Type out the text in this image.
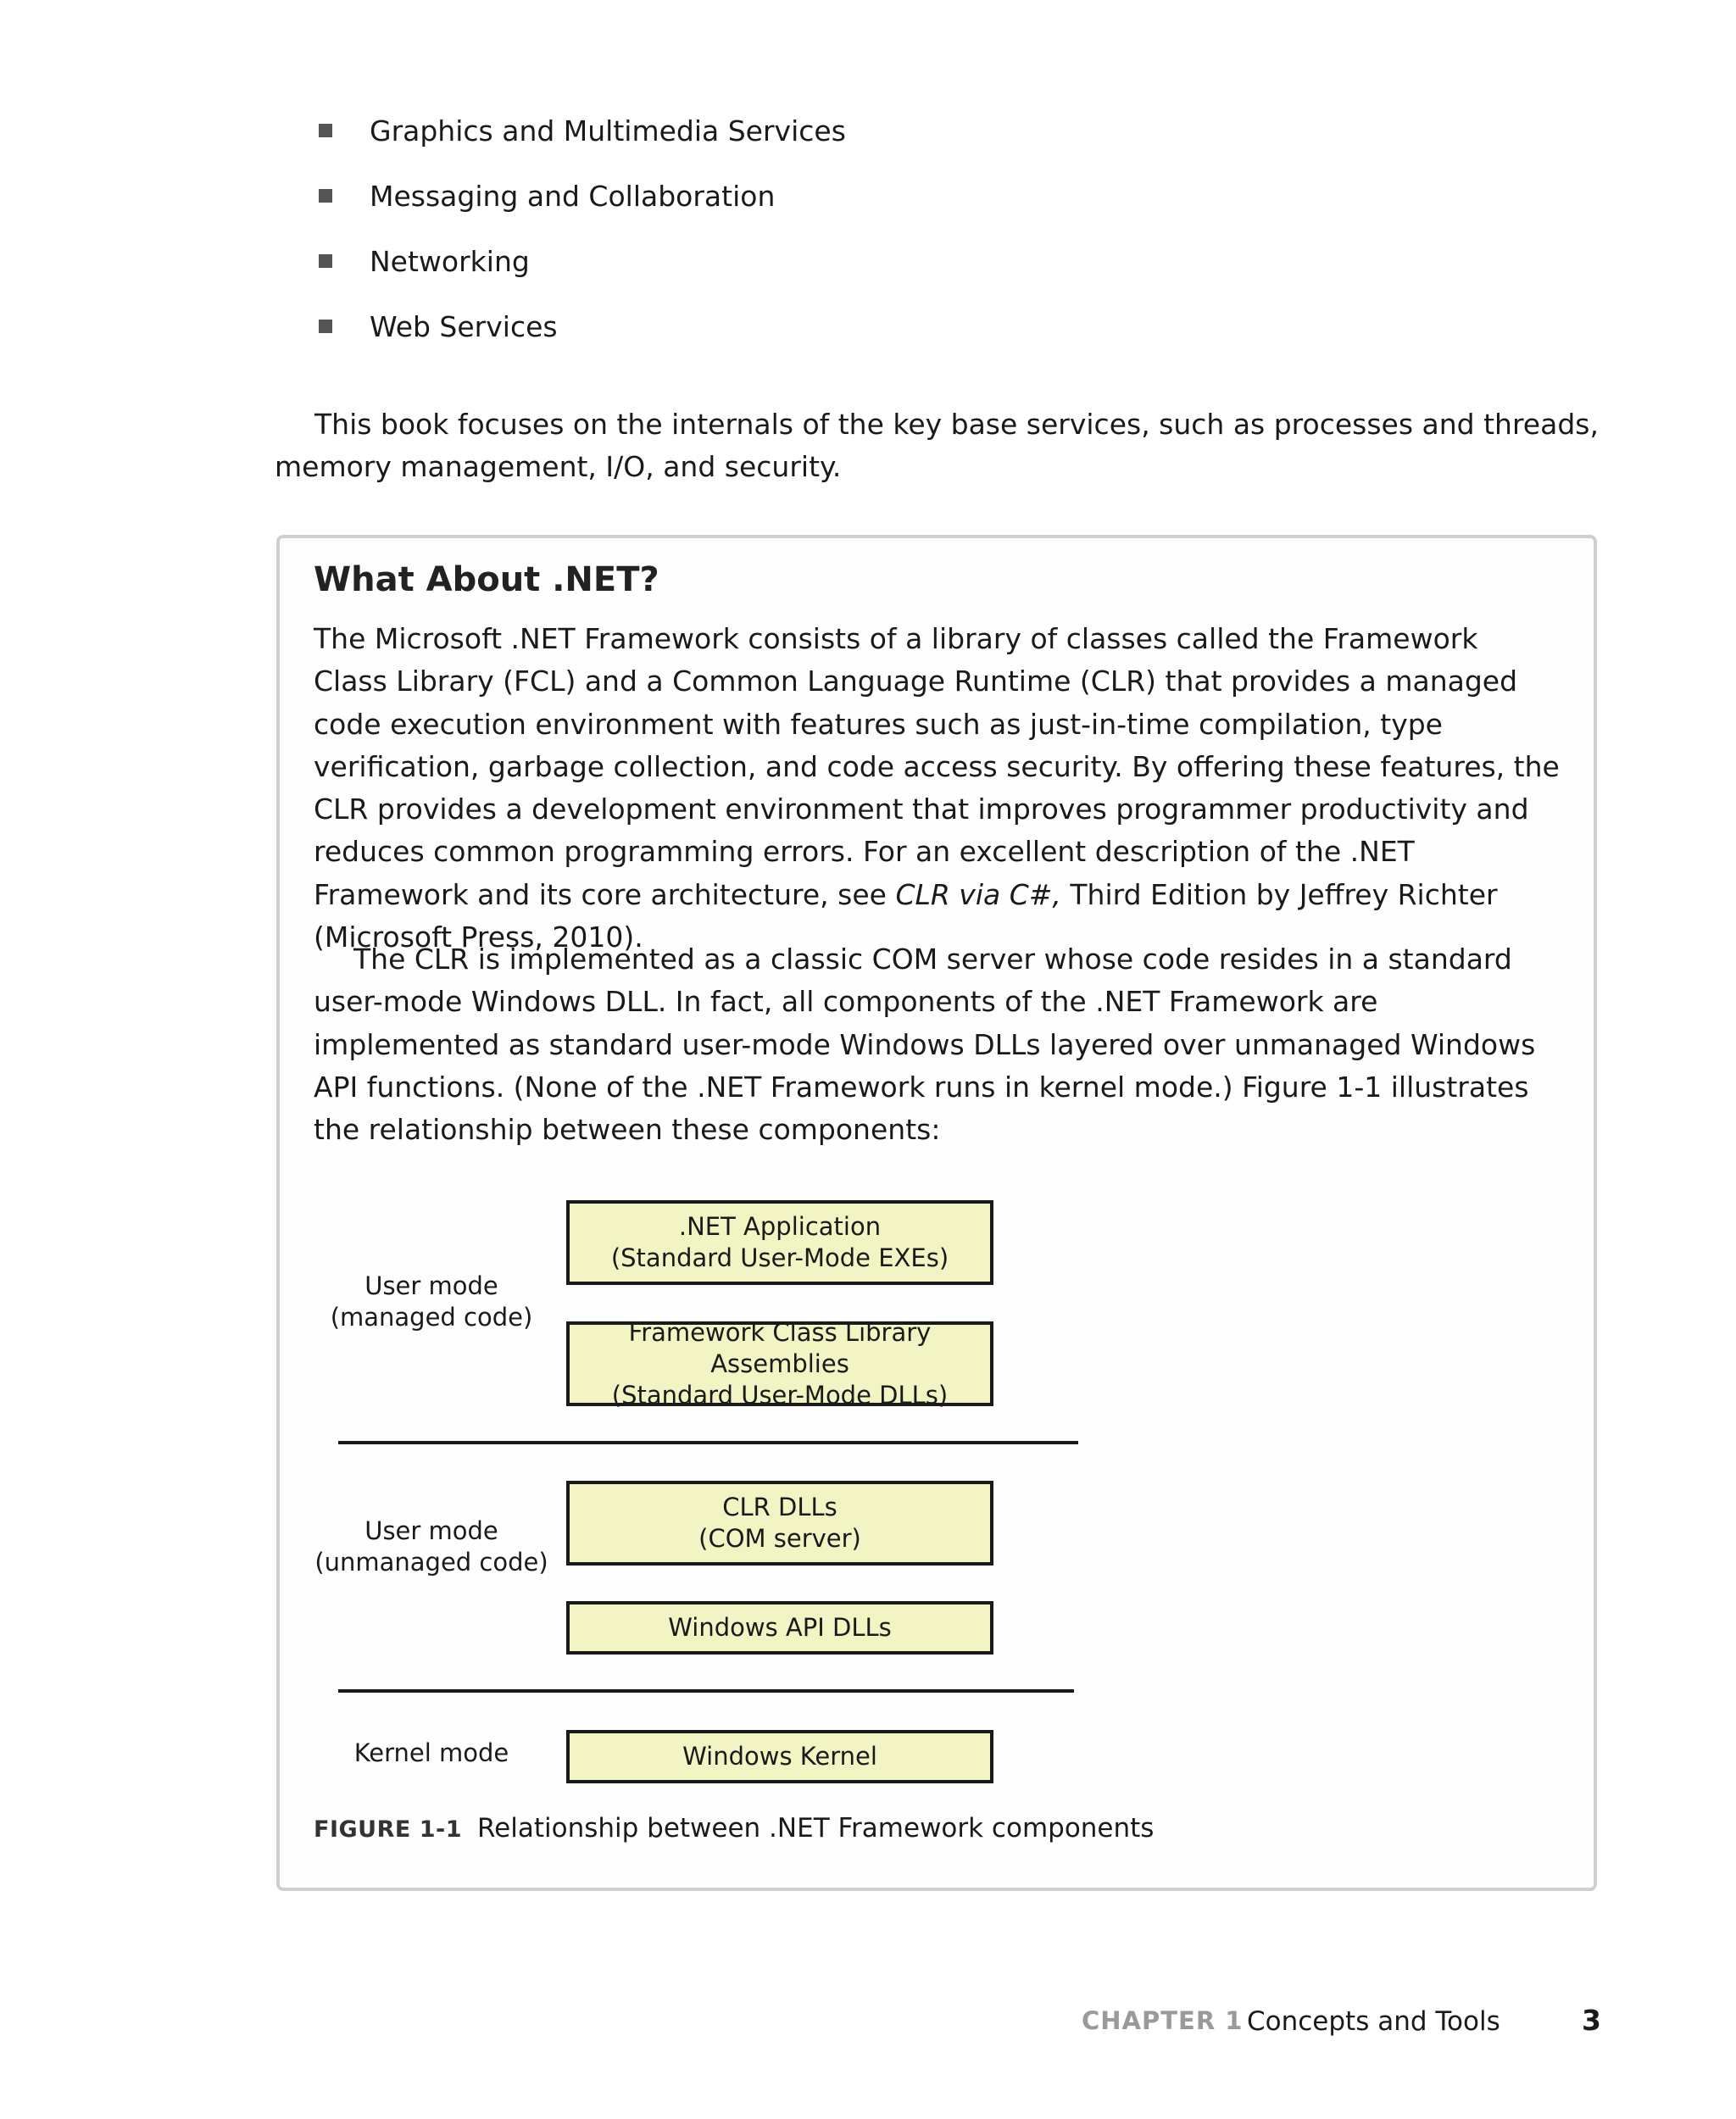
Graphics and Multimedia Services
Messaging and Collaboration
Networking
Web Services
This book focuses on the internals of the key base services, such as processes and threads, memory management, I/O, and security.
What About .NET?
The Microsoft .NET Framework consists of a library of classes called the Framework Class Library (FCL) and a Common Language Runtime (CLR) that provides a managed code execution environment with features such as just-in-time compilation, type verification, garbage collection, and code access security. By offering these features, the CLR provides a development environment that improves programmer productivity and reduces common programming errors. For an excellent description of the .NET Framework and its core architecture, see CLR via C#, Third Edition by Jeffrey Richter (Microsoft Press, 2010).
The CLR is implemented as a classic COM server whose code resides in a standard user-mode Windows DLL. In fact, all components of the .NET Framework are implemented as standard user-mode Windows DLLs layered over unmanaged Windows API functions. (None of the .NET Framework runs in kernel mode.) Figure 1-1 illustrates the relationship between these components:
User mode
(managed code)
.NET Application
(Standard User-Mode EXEs)
Framework Class Library Assemblies
(Standard User-Mode DLLs)
User mode
(unmanaged code)
CLR DLLs
(COM server)
Windows API DLLs
Kernel mode	Windows Kernel
FIGURE 1-1 Relationship between .NET Framework components
CHAPTER 1 Concepts and Tools	3
